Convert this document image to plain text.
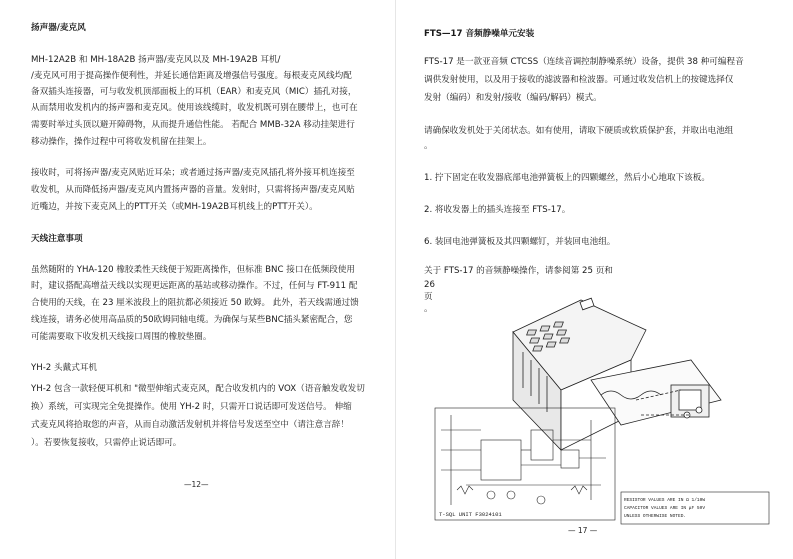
扬声器/麦克风

MH-12A2B 和 MH-18A2B 扬声器/麦克风以及 MH-19A2B 耳机/

/麦克风可用于提高操作便利性，并延长通信距离及增强信号强度。每根麦克风线均配

备双插头连接器，可与收发机顶部面板上的耳机（EAR）和麦克风（MIC）插孔对接，

从而禁用收发机内的扬声器和麦克风。使用该线缆时，收发机既可别在腰带上，也可在

需要时举过头顶以避开障碍物，从而提升通信性能。 若配合 MMB-32A 移动挂架进行

移动操作，操作过程中可将收发机留在挂架上。

接收时，可将扬声器/麦克风贴近耳朵；或者通过扬声器/麦克风插孔将外接耳机连接至

收发机，从而降低扬声器/麦克风内置扬声器的音量。发射时，只需将扬声器/麦克风贴

近嘴边，并按下麦克风上的PTT开关（或MH-19A2B耳机线上的PTT开关）。

天线注意事项

虽然随附的 YHA-120 橡胶柔性天线便于短距离操作，但标准 BNC 接口在低频段使用

时，建议搭配高增益天线以实现更远距离的基站或移动操作。不过，任何与 FT-911 配

合使用的天线，在 23 厘米波段上的阻抗都必须接近 50 欧姆。 此外，若天线需通过馈

线连接，请务必使用高品质的50欧姆同轴电缆。为确保与某些BNC插头紧密配合，您

可能需要取下收发机天线接口周围的橡胶垫圈。

YH-2 头戴式耳机

YH-2 包含一款轻便耳机和 "微型伸缩式麦克风，配合收发机内的 VOX（语音触发收发切

换）系统，可实现完全免提操作。使用 YH-2 时，只需开口说话即可发送信号。 伸缩

式麦克风将拾取您的声音，从而自动激活发射机并将信号发送至空中（请注意言辞！

）。若要恢复接收，只需停止说话即可。

—12—

FTS—17 音频静噪单元安装

FTS-17 是一款亚音频 CTCSS（连续音调控制静噪系统）设备，提供 38 种可编程音

调供发射使用，以及用于接收的滤波器和检波器。可通过收发信机上的按键选择仅

发射（编码）和发射/接收（编码/解码）模式。

请确保收发机处于关闭状态。如有使用，请取下硬质或软质保护套，并取出电池组

。

1. 拧下固定在收发器底部电池弹簧板上的四颗螺丝，然后小心地取下该板。

2. 将收发器上的插头连接至 FTS-17。

6. 装回电池弹簧板及其四颗螺钉，并装回电池组。

关于 FTS-17 的音频静噪操作，请参阅第 25 页和

26

页

。

T-SQL UNIT F3024101
RESISTOR VALUES ARE IN Ω 1/10W
CAPACITOR VALUES ARE IN μF 50V
UNLESS OTHERWISE NOTED.
— 17 —
